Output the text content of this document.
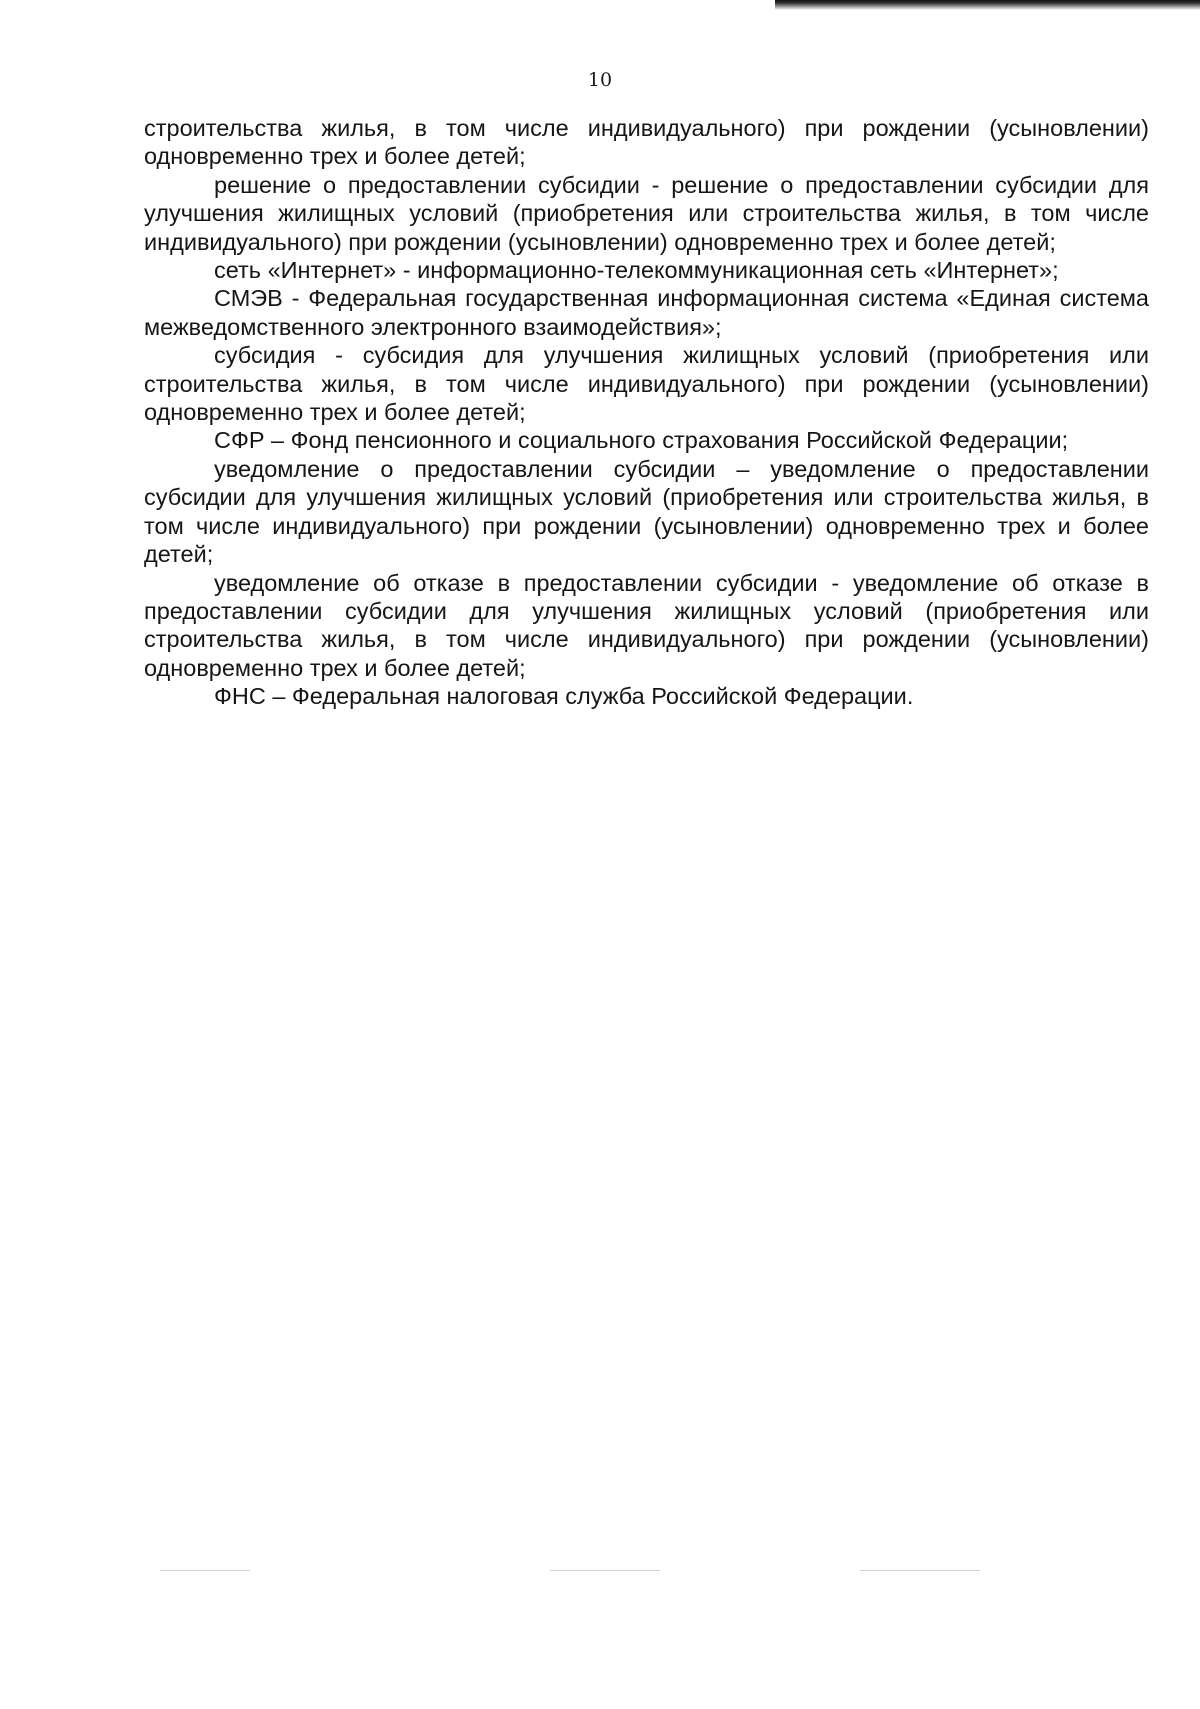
10

строительства жилья, в том числе индивидуального) при рождении (усыновлении) одновременно трех и более детей;

решение о предоставлении субсидии - решение о предоставлении субсидии для улучшения жилищных условий (приобретения или строительства жилья, в том числе индивидуального) при рождении (усыновлении) одновременно трех и более детей;

сеть «Интернет» - информационно-телекоммуникационная сеть «Интернет»;

СМЭВ - Федеральная государственная информационная система «Единая система межведомственного электронного взаимодействия»;

субсидия - субсидия для улучшения жилищных условий (приобретения или строительства жилья, в том числе индивидуального) при рождении (усыновлении) одновременно трех и более детей;

СФР – Фонд пенсионного и социального страхования Российской Федерации;

уведомление о предоставлении субсидии – уведомление о предоставлении субсидии для улучшения жилищных условий (приобретения или строительства жилья, в том числе индивидуального) при рождении (усыновлении) одновременно трех и более детей;

уведомление об отказе в предоставлении субсидии - уведомление об отказе в предоставлении субсидии для улучшения жилищных условий (приобретения или строительства жилья, в том числе индивидуального) при рождении (усыновлении) одновременно трех и более детей;

ФНС – Федеральная налоговая служба Российской Федерации.
